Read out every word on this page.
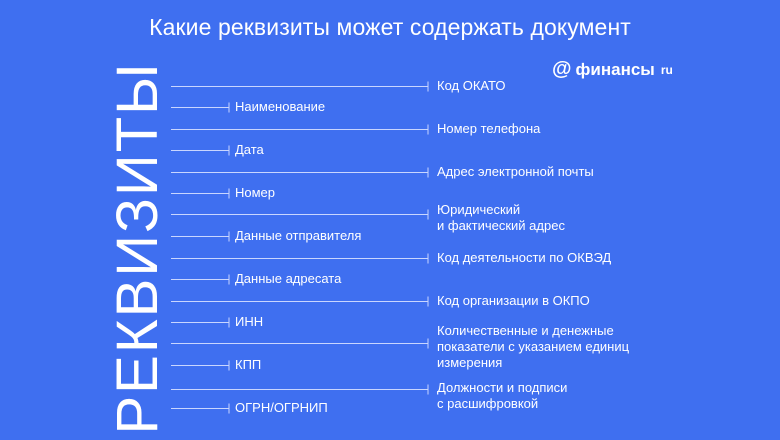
Какие реквизиты может содержать документ
@ финансы ru
РЕКВИЗИТЫ	Наименование
Дата
Номер
Данные отправителя
Данные адресата
ИНН
КПП
ОГРН/ОГРНИП
Код ОКАТО
Номер телефона
Адрес электронной почты
Юридический
и фактический адрес
Код деятельности по ОКВЭД
Код организации в ОКПО
Количественные и денежные
показатели с указанием единиц
измерения
Должности и подписи
с расшифровкой
